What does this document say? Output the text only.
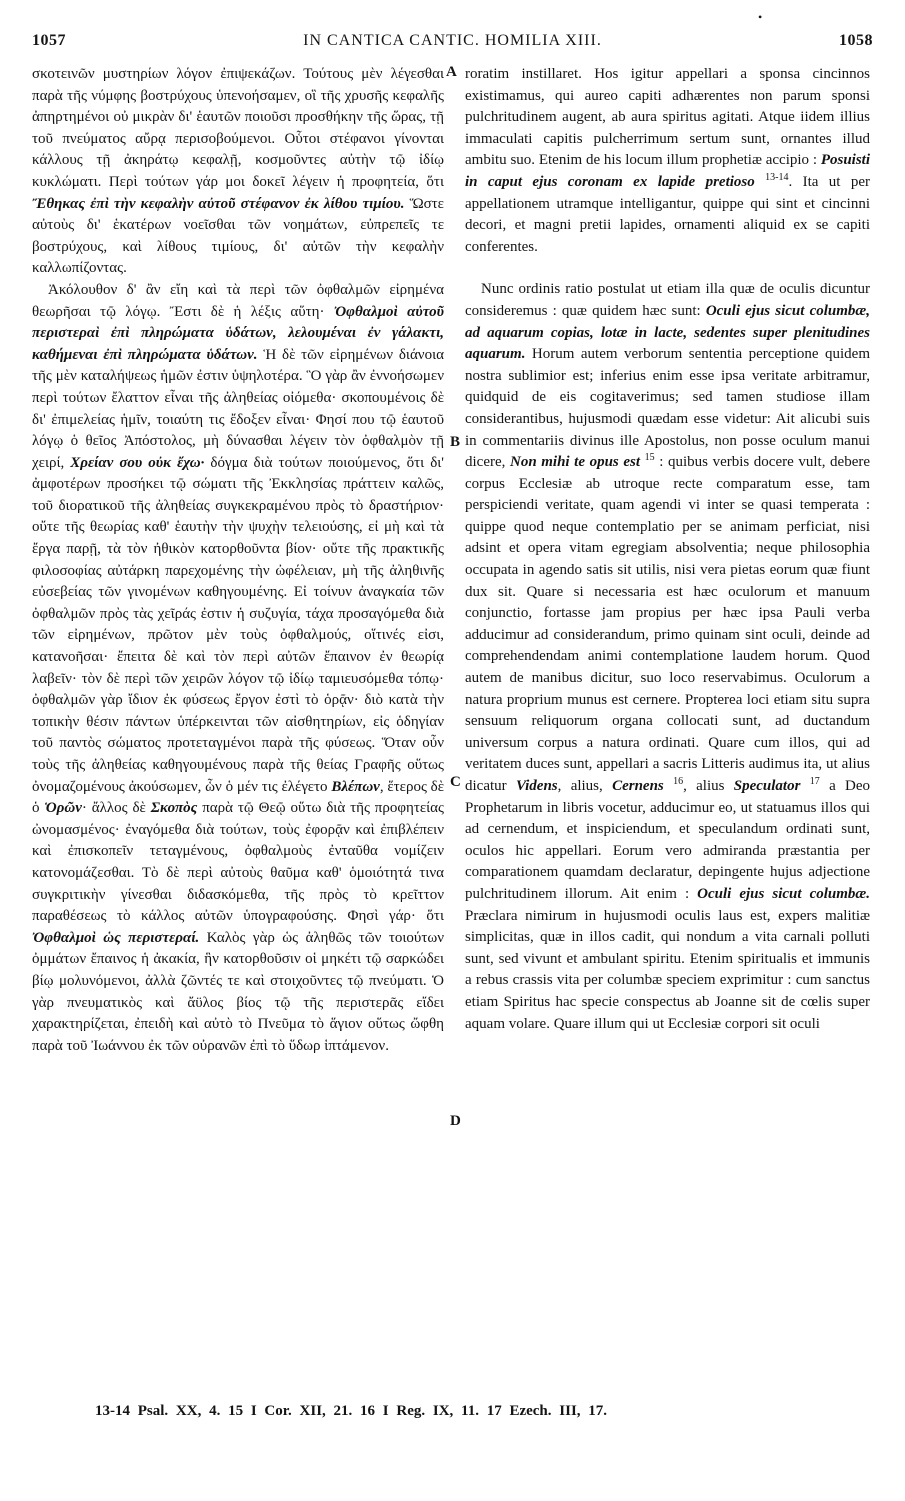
•
1057	IN CANTICA CANTIC. HOMILIA XIII.	1058

σκοτεινῶν μυστηρίων λόγον ἐπιψεκάζων. Τούτους μὲν λέγεσθαι παρὰ τῆς νύμφης βοστρύχους ὑπενοήσαμεν, οἳ τῆς χρυσῆς κεφαλῆς ἀπηρτημένοι οὐ μικρὰν δι' ἑαυτῶν ποιοῦσι προσθήκην τῆς ὥρας, τῇ τοῦ πνεύματος αὔρᾳ περισοβούμενοι. Οὗτοι στέφανοι γίνονται κάλλους τῇ ἀκηράτῳ κεφαλῇ, κοσμοῦντες αὐτὴν τῷ ἰδίῳ κυκλώματι. Περὶ τούτων γάρ μοι δοκεῖ λέγειν ἡ προφητεία, ὅτι Ἔθηκας ἐπὶ τὴν κεφαλὴν αὐτοῦ στέφανον ἐκ λίθου τιμίου. Ὥστε αὐτοὺς δι' ἑκατέρων νοεῖσθαι τῶν νοημάτων, εὐπρεπεῖς τε βοστρύχους, καὶ λίθους τιμίους, δι' αὐτῶν τὴν κεφαλὴν καλλωπίζοντας.

Ἀκόλουθον δ' ἂν εἴη καὶ τὰ περὶ τῶν ὀφθαλμῶν εἰρημένα θεωρῆσαι τῷ λόγῳ. Ἔστι δὲ ἡ λέξις αὕτη· Ὀφθαλμοὶ αὐτοῦ περιστεραὶ ἐπὶ πληρώματα ὑδάτων, λελουμέναι ἐν γάλακτι, καθήμεναι ἐπὶ πληρώματα ὑδάτων. Ἡ δὲ τῶν εἰρημένων διάνοια τῆς μὲν καταλήψεως ἡμῶν ἐστιν ὑψηλοτέρα. Ὃ γὰρ ἂν ἐννοήσωμεν περὶ τούτων ἔλαττον εἶναι τῆς ἀληθείας οἰόμεθα· σκοπουμένοις δὲ δι' ἐπιμελείας ἡμῖν, τοιαύτη τις ἔδοξεν εἶναι· Φησί που τῷ ἑαυτοῦ λόγῳ ὁ θεῖος Ἀπόστολος, μὴ δύνασθαι λέγειν τὸν ὀφθαλμὸν τῇ χειρί, Χρείαν σου οὐκ ἔχω· δόγμα διὰ τούτων ποιούμενος, ὅτι δι' ἀμφοτέρων προσήκει τῷ σώματι τῆς Ἐκκλησίας πράττειν καλῶς, τοῦ διορατικοῦ τῆς ἀληθείας συγκεκραμένου πρὸς τὸ δραστήριον· οὔτε τῆς θεωρίας καθ' ἑαυτὴν τὴν ψυχὴν τελειούσης, εἰ μὴ καὶ τὰ ἔργα παρῇ, τὰ τὸν ἠθικὸν κατορθοῦντα βίον· οὔτε τῆς πρακτικῆς φιλοσοφίας αὐτάρκη παρεχομένης τὴν ὠφέλειαν, μὴ τῆς ἀληθινῆς εὐσεβείας τῶν γινομένων καθηγουμένης. Εἰ τοίνυν ἀναγκαία τῶν ὀφθαλμῶν πρὸς τὰς χεῖράς ἐστιν ἡ συζυγία, τάχα προσαγόμεθα διὰ τῶν εἰρημένων, πρῶτον μὲν τοὺς ὀφθαλμούς, οἵτινές εἰσι, κατανοῆσαι· ἔπειτα δὲ καὶ τὸν περὶ αὐτῶν ἔπαινον ἐν θεωρίᾳ λαβεῖν· τὸν δὲ περὶ τῶν χειρῶν λόγον τῷ ἰδίῳ ταμιευσόμεθα τόπῳ· ὀφθαλμῶν γὰρ ἴδιον ἐκ φύσεως ἔργον ἐστὶ τὸ ὁρᾷν· διὸ κατὰ τὴν τοπικὴν θέσιν πάντων ὑπέρκεινται τῶν αἰσθητηρίων, εἰς ὁδηγίαν τοῦ παντὸς σώματος προτεταγμένοι παρὰ τῆς φύσεως. Ὅταν οὖν τοὺς τῆς ἀληθείας καθηγουμένους παρὰ τῆς θείας Γραφῆς οὕτως ὀνομαζομένους ἀκούσωμεν, ὧν ὁ μέν τις ἐλέγετο Βλέπων, ἕτερος δὲ ὁ Ὁρῶν· ἄλλος δὲ Σκοπὸς παρὰ τῷ Θεῷ οὕτω διὰ τῆς προφητείας ὠνομασμένος· ἐναγόμεθα διὰ τούτων, τοὺς ἐφορᾷν καὶ ἐπιβλέπειν καὶ ἐπισκοπεῖν τεταγμένους, ὀφθαλμοὺς ἐνταῦθα νομίζειν κατονομάζεσθαι. Τὸ δὲ περὶ αὐτοὺς θαῦμα καθ' ὁμοιότητά τινα συγκριτικὴν γίνεσθαι διδασκόμεθα, τῆς πρὸς τὸ κρεῖττον παραθέσεως τὸ κάλλος αὐτῶν ὑπογραφούσης. Φησὶ γάρ· ὅτι Ὀφθαλμοὶ ὡς περιστεραί. Καλὸς γὰρ ὡς ἀληθῶς τῶν τοιούτων ὀμμάτων ἔπαινος ἡ ἀκακία, ἣν κατορθοῦσιν οἱ μηκέτι τῷ σαρκώδει βίῳ μολυνόμενοι, ἀλλὰ ζῶντές τε καὶ στοιχοῦντες τῷ πνεύματι. Ὁ γὰρ πνευματικὸς καὶ ἄϋλος βίος τῷ τῆς περιστερᾶς εἴδει χαρακτηρίζεται, ἐπειδὴ καὶ αὐτὸ τὸ Πνεῦμα τὸ ἅγιον οὕτως ὤφθη παρὰ τοῦ Ἰωάννου ἐκ τῶν οὐρανῶν ἐπὶ τὸ ὕδωρ ἱπτάμενον.

A
B
C
D

roratim instillaret. Hos igitur appellari a sponsa cincinnos existimamus, qui aureo capiti adhærentes non parum sponsi pulchritudinem augent, ab aura spiritus agitati. Atque iidem illius immaculati capitis pulcherrimum sertum sunt, ornantes illud ambitu suo. Etenim de his locum illum prophetiæ accipio : Posuisti in caput ejus coronam ex lapide pretioso $^{13-14}$. Ita ut per appellationem utramque intelligantur, quippe qui sint et cincinni decori, et magni pretii lapides, ornamenti aliquid ex se capiti conferentes.

Nunc ordinis ratio postulat ut etiam illa quæ de oculis dicuntur consideremus : quæ quidem hæc sunt: Oculi ejus sicut columbæ, ad aquarum copias, lotæ in lacte, sedentes super plenitudines aquarum. Horum autem verborum sententia perceptione quidem nostra sublimior est; inferius enim esse ipsa veritate arbitramur, quidquid de eis cogitaverimus; sed tamen studiose illam considerantibus, hujusmodi quædam esse videtur: Ait alicubi suis in commentariis divinus ille Apostolus, non posse oculum manui dicere, Non mihi te opus est $^{15}$ : quibus verbis docere vult, debere corpus Ecclesiæ ab utroque recte comparatum esse, tam perspiciendi veritate, quam agendi vi inter se quasi temperata : quippe quod neque contemplatio per se animam perficiat, nisi adsint et opera vitam egregiam absolventia; neque philosophia occupata in agendo satis sit utilis, nisi vera pietas eorum quæ fiunt dux sit. Quare si necessaria est hæc oculorum et manuum conjunctio, fortasse jam propius per hæc ipsa Pauli verba adducimur ad considerandum, primo quinam sint oculi, deinde ad comprehendendam animi contemplatione laudem horum. Quod autem de manibus dicitur, suo loco reservabimus. Oculorum a natura proprium munus est cernere. Propterea loci etiam situ supra sensuum reliquorum organa collocati sunt, ad ductandum universum corpus a natura ordinati. Quare cum illos, qui ad veritatem duces sunt, appellari a sacris Litteris audimus ita, ut alius dicatur Videns, alius, Cernens $^{16}$, alius Speculator $^{17}$ a Deo Prophetarum in libris vocetur, adducimur eo, ut statuamus illos qui ad cernendum, et inspiciendum, et speculandum ordinati sunt, oculos hic appellari. Eorum vero admiranda præstantia per comparationem quamdam declaratur, depingente hujus adjectione pulchritudinem illorum. Ait enim : Oculi ejus sicut columbæ. Præclara nimirum in hujusmodi oculis laus est, expers malitiæ simplicitas, quæ in illos cadit, qui nondum a vita carnali polluti sunt, sed vivunt et ambulant spiritu. Etenim spiritualis et immunis a rebus crassis vita per columbæ speciem exprimitur : cum sanctus etiam Spiritus hac specie conspectus ab Joanne sit de cœlis super aquam volare. Quare illum qui ut Ecclesiæ corpori sit oculi

13-14 Psal. XX, 4. 15 I Cor. XII, 21. 16 I Reg. IX, 11. 17 Ezech. III, 17.
